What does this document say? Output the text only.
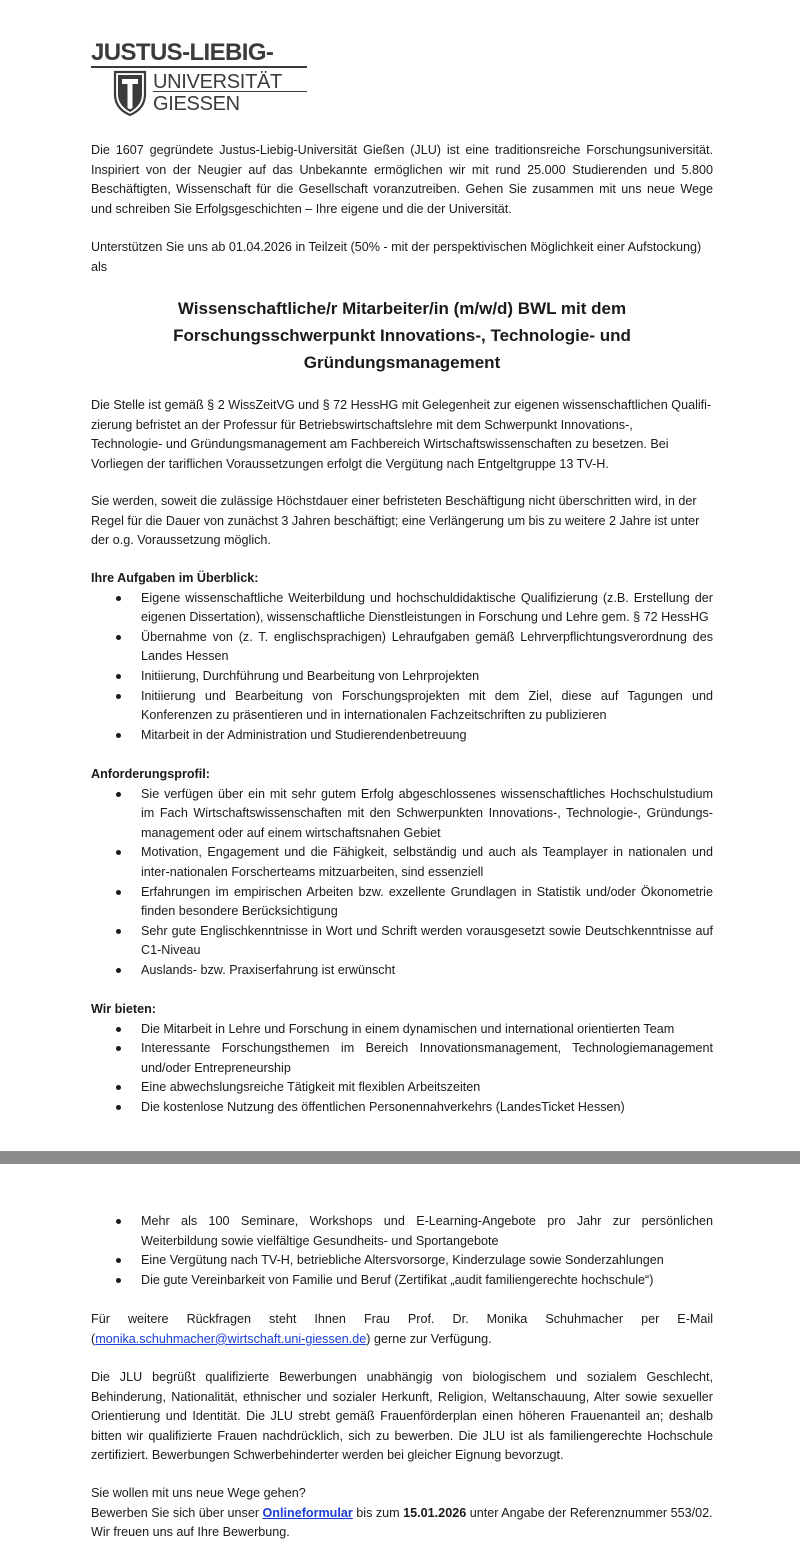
JUSTUS-LIEBIG-
UNIVERSITÄT
GIESSEN

Die 1607 gegründete Justus-Liebig-Universität Gießen (JLU) ist eine traditionsreiche Forschungsuniversität. Inspiriert von der Neugier auf das Unbekannte ermöglichen wir mit rund 25.000 Studierenden und 5.800 Beschäftigten, Wissenschaft für die Gesellschaft voranzutreiben. Gehen Sie zusammen mit uns neue Wege und schreiben Sie Erfolgsgeschichten – Ihre eigene und die der Universität.

Unterstützen Sie uns ab 01.04.2026 in Teilzeit (50% - mit der perspektivischen Möglichkeit einer Aufstockung) als

Wissenschaftliche/r Mitarbeiter/in (m/w/d) BWL mit dem
Forschungsschwerpunkt Innovations-, Technologie- und
Gründungsmanagement

Die Stelle ist gemäß § 2 WissZeitVG und § 72 HessHG mit Gelegenheit zur eigenen wissenschaftlichen Qualifi-
zierung befristet an der Professur für Betriebswirtschaftslehre mit dem Schwerpunkt Innovations-,
Technologie- und Gründungsmanagement am Fachbereich Wirtschaftswissenschaften zu besetzen. Bei
Vorliegen der tariflichen Voraussetzungen erfolgt die Vergütung nach Entgeltgruppe 13 TV-H.

Sie werden, soweit die zulässige Höchstdauer einer befristeten Beschäftigung nicht überschritten wird, in der Regel für die Dauer von zunächst 3 Jahren beschäftigt; eine Verlängerung um bis zu weitere 2 Jahre ist unter der o.g. Voraussetzung möglich.

Ihre Aufgaben im Überblick:

Eigene wissenschaftliche Weiterbildung und hochschuldidaktische Qualifizierung (z.B. Erstellung der eigenen Dissertation), wissenschaftliche Dienstleistungen in Forschung und Lehre gem. § 72 HessHG
Übernahme von (z. T. englischsprachigen) Lehraufgaben gemäß Lehrverpflichtungsverordnung des Landes Hessen
Initiierung, Durchführung und Bearbeitung von Lehrprojekten
Initiierung und Bearbeitung von Forschungsprojekten mit dem Ziel, diese auf Tagungen und Konferenzen zu präsentieren und in internationalen Fachzeitschriften zu publizieren
Mitarbeit in der Administration und Studierendenbetreuung

Anforderungsprofil:

Sie verfügen über ein mit sehr gutem Erfolg abgeschlossenes wissenschaftliches Hochschulstudium im Fach Wirtschaftswissenschaften mit den Schwerpunkten Innovations-, Technologie-, Gründungs-management oder auf einem wirtschaftsnahen Gebiet
Motivation, Engagement und die Fähigkeit, selbständig und auch als Teamplayer in nationalen und inter-nationalen Forscherteams mitzuarbeiten, sind essenziell
Erfahrungen im empirischen Arbeiten bzw. exzellente Grundlagen in Statistik und/oder Ökonometrie finden besondere Berücksichtigung
Sehr gute Englischkenntnisse in Wort und Schrift werden vorausgesetzt sowie Deutschkenntnisse auf C1-Niveau
Auslands- bzw. Praxiserfahrung ist erwünscht

Wir bieten:

Die Mitarbeit in Lehre und Forschung in einem dynamischen und international orientierten Team
Interessante Forschungsthemen im Bereich Innovationsmanagement, Technologiemanagement und/oder Entrepreneurship
Eine abwechslungsreiche Tätigkeit mit flexiblen Arbeitszeiten
Die kostenlose Nutzung des öffentlichen Personennahverkehrs (LandesTicket Hessen)
Mehr als 100 Seminare, Workshops und E-Learning-Angebote pro Jahr zur persönlichen Weiterbildung sowie vielfältige Gesundheits- und Sportangebote
Eine Vergütung nach TV-H, betriebliche Altersvorsorge, Kinderzulage sowie Sonderzahlungen
Die gute Vereinbarkeit von Familie und Beruf (Zertifikat „audit familiengerechte hochschule“)

Für weitere Rückfragen steht Ihnen Frau Prof. Dr. Monika Schuhmacher per E-Mail (monika.schuhmacher@wirtschaft.uni-giessen.de) gerne zur Verfügung.

Die JLU begrüßt qualifizierte Bewerbungen unabhängig von biologischem und sozialem Geschlecht, Behinderung, Nationalität, ethnischer und sozialer Herkunft, Religion, Weltanschauung, Alter sowie sexueller Orientierung und Identität. Die JLU strebt gemäß Frauenförderplan einen höheren Frauenanteil an; deshalb bitten wir qualifizierte Frauen nachdrücklich, sich zu bewerben. Die JLU ist als familiengerechte Hochschule zertifiziert. Bewerbungen Schwerbehinderter werden bei gleicher Eignung bevorzugt.

Sie wollen mit uns neue Wege gehen?

Bewerben Sie sich über unser Onlineformular bis zum 15.01.2026 unter Angabe der Referenznummer 553/02.

Wir freuen uns auf Ihre Bewerbung.
